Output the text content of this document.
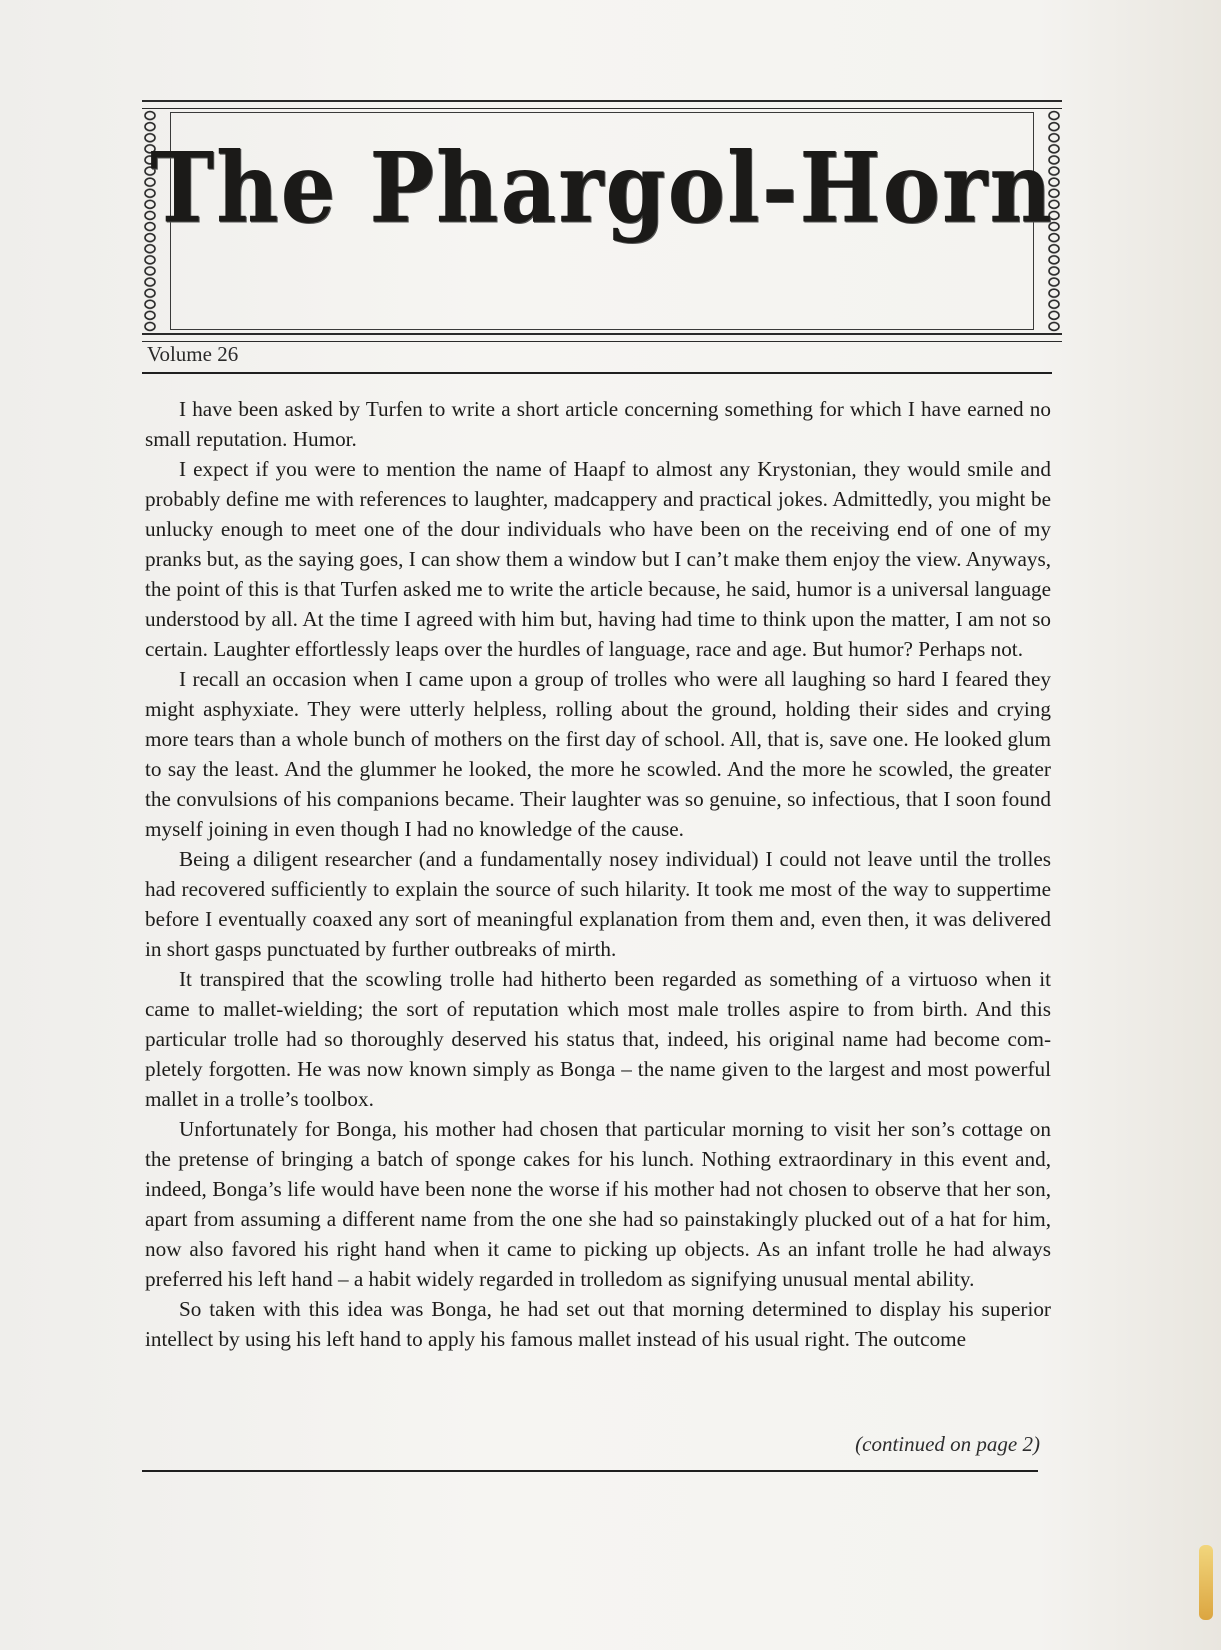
The Phargol-Horn
Volume 26

I have been asked by Turfen to write a short article concerning something for which I have earned no small reputation. Humor.

I expect if you were to mention the name of Haapf to almost any Krystonian, they would smile and probably define me with references to laughter, madcappery and practical jokes. Admittedly, you might be unlucky enough to meet one of the dour individuals who have been on the receiving end of one of my pranks but, as the saying goes, I can show them a window but I can’t make them enjoy the view. Anyways, the point of this is that Turfen asked me to write the article because, he said, humor is a universal language understood by all. At the time I agreed with him but, having had time to think upon the matter, I am not so certain. Laughter effortlessly leaps over the hurdles of language, race and age. But humor? Perhaps not.

I recall an occasion when I came upon a group of trolles who were all laughing so hard I feared they might asphyxiate. They were utterly helpless, rolling about the ground, holding their sides and crying more tears than a whole bunch of mothers on the first day of school. All, that is, save one. He looked glum to say the least. And the glummer he looked, the more he scowled. And the more he scowled, the greater the convulsions of his companions became. Their laughter was so genuine, so infectious, that I soon found myself joining in even though I had no knowledge of the cause.

Being a diligent researcher (and a fundamentally nosey individual) I could not leave until the trolles had recovered sufficiently to explain the source of such hilarity. It took me most of the way to suppertime before I eventually coaxed any sort of meaningful explanation from them and, even then, it was delivered in short gasps punctuated by further outbreaks of mirth.

It transpired that the scowling trolle had hitherto been regarded as something of a virtuoso when it came to mallet-wielding; the sort of reputation which most male trolles aspire to from birth. And this particular trolle had so thoroughly deserved his status that, indeed, his original name had become completely forgotten. He was now known simply as Bonga – the name given to the largest and most powerful mallet in a trolle’s toolbox.

Unfortunately for Bonga, his mother had chosen that particular morning to visit her son’s cottage on the pretense of bringing a batch of sponge cakes for his lunch. Nothing extraordinary in this event and, indeed, Bonga’s life would have been none the worse if his mother had not chosen to observe that her son, apart from assuming a different name from the one she had so painstakingly plucked out of a hat for him, now also favored his right hand when it came to picking up objects. As an infant trolle he had always preferred his left hand – a habit widely regarded in trolledom as signifying unusual mental ability.

So taken with this idea was Bonga, he had set out that morning determined to display his superior intellect by using his left hand to apply his famous mallet instead of his usual right. The outcome

(continued on page 2)
